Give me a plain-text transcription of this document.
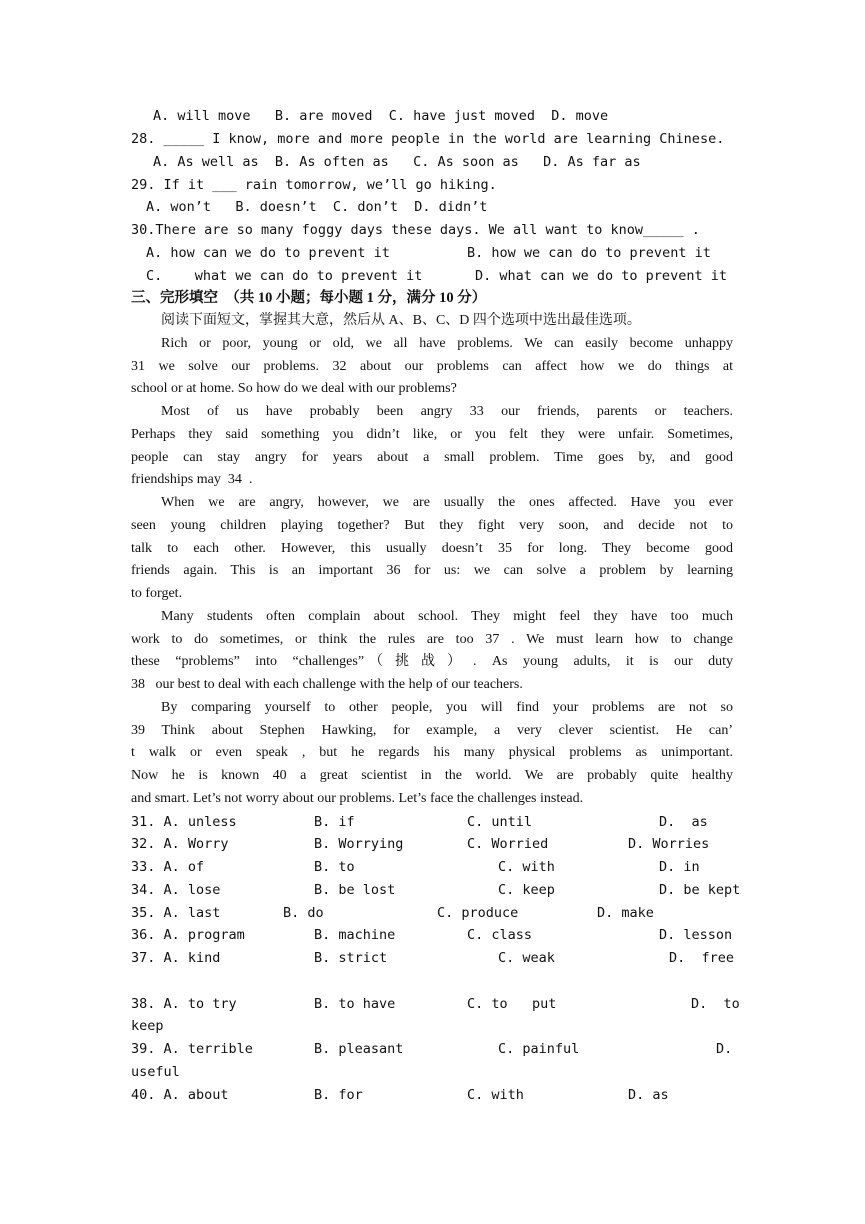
A. will move   B. are moved  C. have just moved  D. move
28. _____ I know, more and more people in the world are learning Chinese.
A. As well as  B. As often as   C. As soon as   D. As far as
29. If it ___ rain tomorrow, we’ll go hiking.
A. won’t   B. doesn’t  C. don’t  D. didn’t
30.There are so many foggy days these days. We all want to know_____ .
A. how can we do to prevent it	B. how we can do to prevent it
C.    what we can do to prevent it	D. what can we do to prevent it
三、完形填空  （共 10 小题；每小题 1 分，满分 10 分）
阅读下面短文，掌握其大意，然后从 A、B、C、D 四个选项中选出最佳选项。
Rich or poor, young or old, we all have problems. We can easily become unhappy
31 we solve our problems. 32 about our problems can affect how we do things at
school or at home. So how do we deal with our problems?
Most of us have probably been angry 33 our friends, parents or teachers.
Perhaps they said something you didn’t like, or you felt they were unfair. Sometimes,
people can stay angry for years about a small problem. Time goes by, and good
friendships may  34  .
When we are angry, however, we are usually the ones affected. Have you ever
seen young children playing together? But they fight very soon, and decide not to
talk to each other. However, this usually doesn’t 35 for long. They become good
friends again. This is an important 36 for us: we can solve a problem by learning
to forget.
Many students often complain about school. They might feel they have too much
work to do sometimes, or think the rules are too 37 . We must learn how to change
these “problems” into “challenges”（挑战）. As young adults, it is our duty
38   our best to deal with each challenge with the help of our teachers.
By comparing yourself to other people, you will find your problems are not so
39 Think about Stephen Hawking, for example, a very clever scientist. He can’
t walk or even speak , but he regards his many physical problems as unimportant.
Now he is known 40 a great scientist in the world. We are probably quite healthy
and smart. Let’s not worry about our problems. Let’s face the challenges instead.
31. A. unless	B. if	C. until	D.  as
32. A. Worry	B. Worrying	C. Worried	D. Worries
33. A. of	B. to	C. with	D. in
34. A. lose	B. be lost	C. keep	D. be kept
35. A. last	B. do	C. produce	D. make
36. A. program	B. machine	C. class	D. lesson
37. A. kind	B. strict	C. weak	D.  free
38. A. to try	B. to have	C. to   put	D.  to
keep
39. A. terrible	B. pleasant	C. painful	D.
useful
40. A. about	B. for	C. with	D. as
